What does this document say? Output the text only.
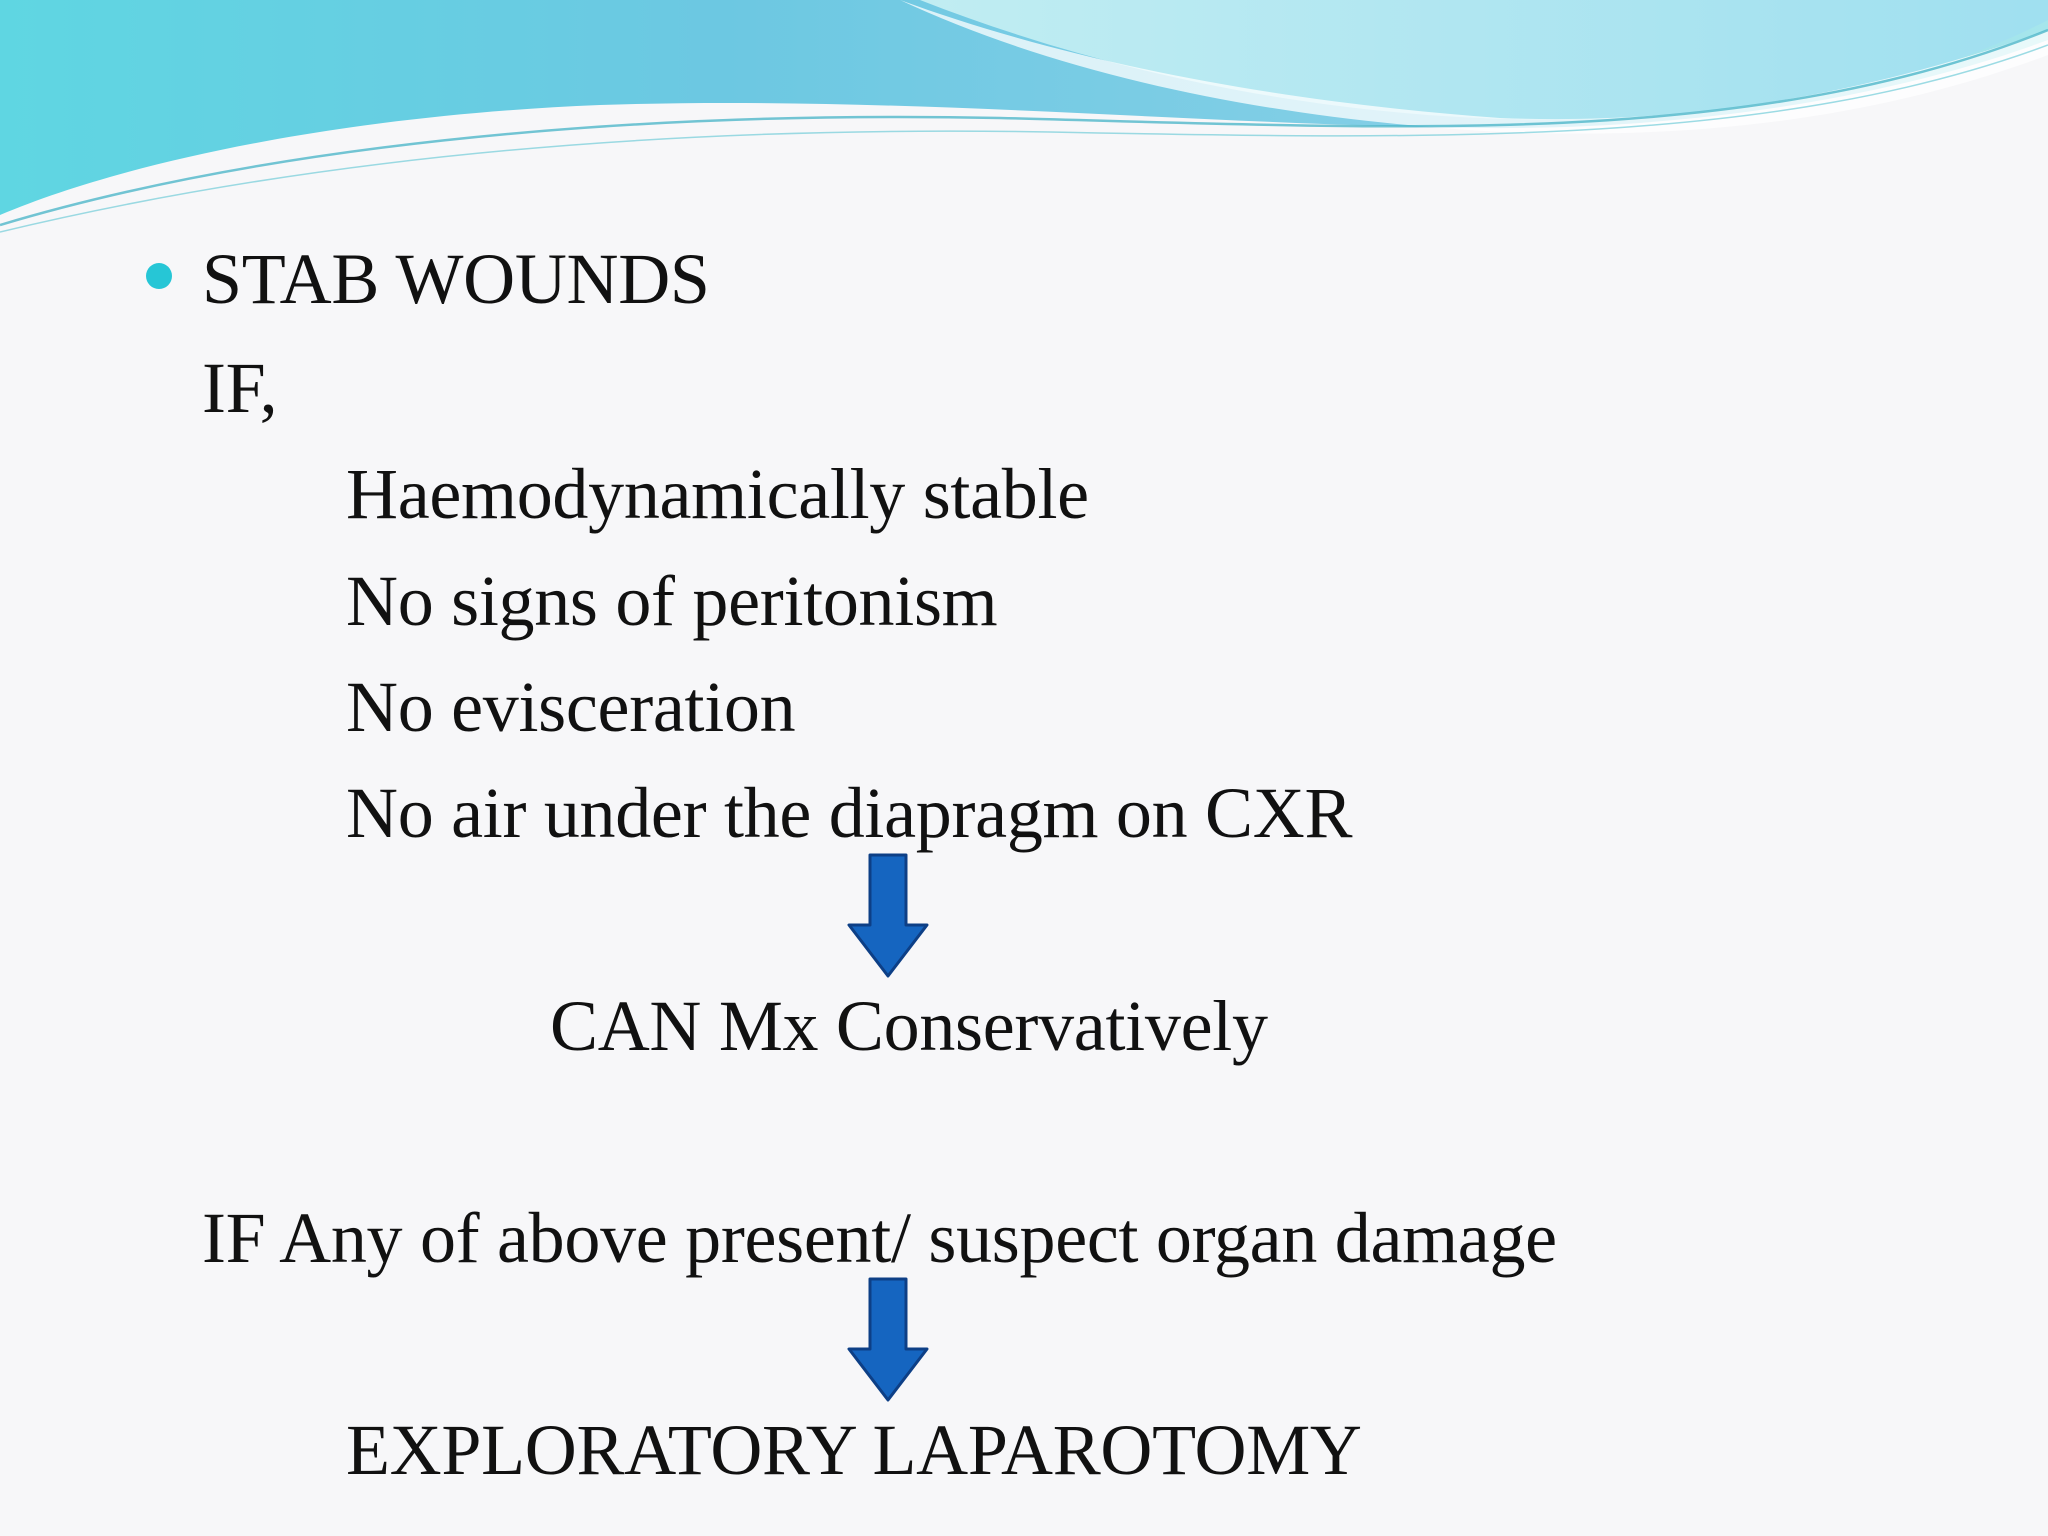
STAB WOUNDS
IF,
Haemodynamically stable
No signs of peritonism
No evisceration
No air under the diapragm on CXR
CAN Mx Conservatively
IF Any of above present/ suspect organ damage
EXPLORATORY LAPAROTOMY
